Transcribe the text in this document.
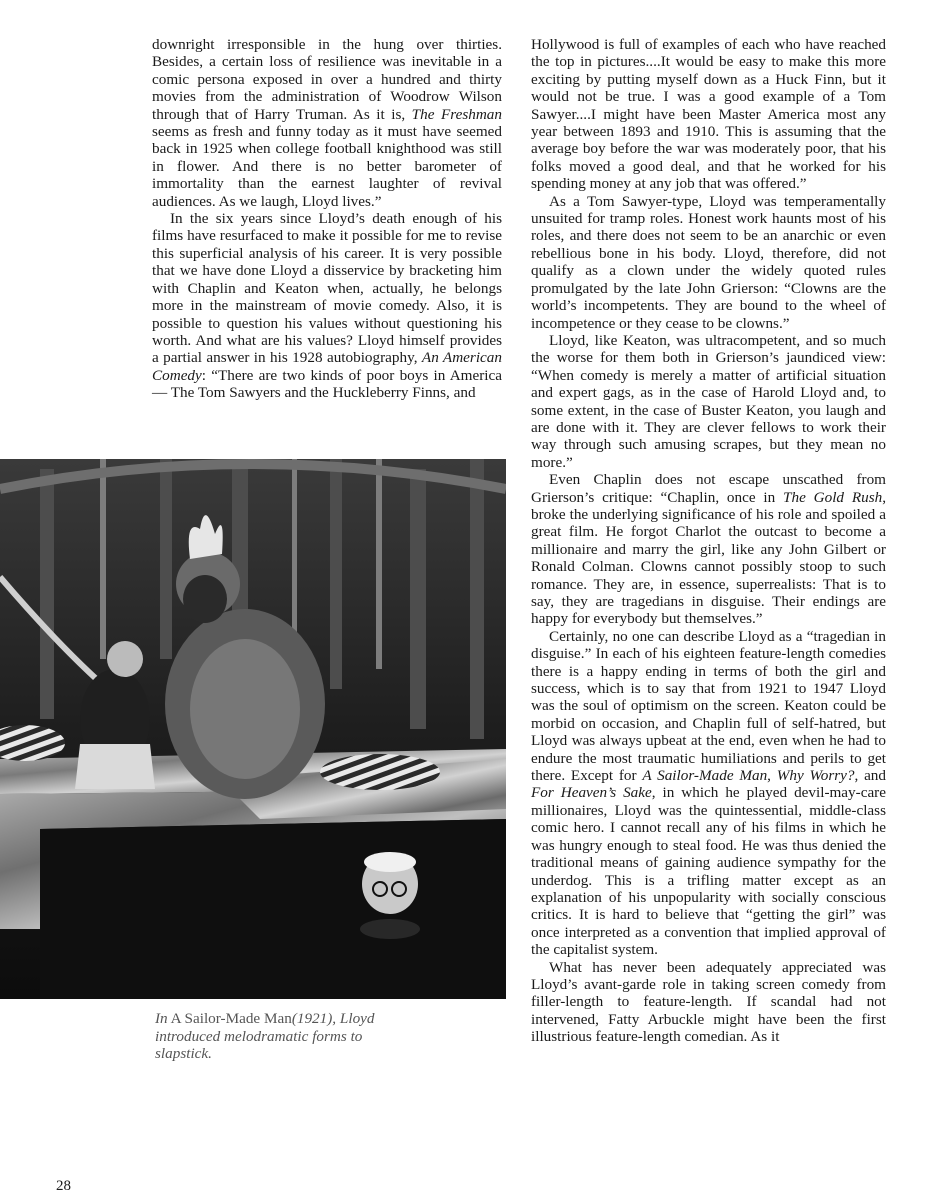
downright irresponsible in the hung over thirties. Besides, a certain loss of resilience was inevitable in a comic persona exposed in over a hundred and thirty movies from the administration of Woodrow Wilson through that of Harry Truman. As it is, The Freshman seems as fresh and funny today as it must have seemed back in 1925 when college football knighthood was still in flower. And there is no better barometer of immortality than the earnest laughter of revival audiences. As we laugh, Lloyd lives.”

In the six years since Lloyd’s death enough of his films have resurfaced to make it possible for me to revise this superficial analysis of his career. It is very possible that we have done Lloyd a disservice by bracketing him with Chaplin and Keaton when, actually, he belongs more in the mainstream of movie comedy. Also, it is possible to question his values without questioning his worth. And what are his values? Lloyd himself provides a partial answer in his 1928 autobiography, An American Comedy: “There are two kinds of poor boys in America— The Tom Sawyers and the Huckleberry Finns, and

Hollywood is full of examples of each who have reached the top in pictures....It would be easy to make this more exciting by putting myself down as a Huck Finn, but it would not be true. I was a good example of a Tom Sawyer....I might have been Master America most any year between 1893 and 1910. This is assuming that the average boy before the war was moderately poor, that his folks moved a good deal, and that he worked for his spending money at any job that was offered.”

As a Tom Sawyer-type, Lloyd was temperamentally unsuited for tramp roles. Honest work haunts most of his roles, and there does not seem to be an anarchic or even rebellious bone in his body. Lloyd, therefore, did not qualify as a clown under the widely quoted rules promulgated by the late John Grierson: “Clowns are the world’s incompetents. They are bound to the wheel of incompetence or they cease to be clowns.”

Lloyd, like Keaton, was ultracompetent, and so much the worse for them both in Grierson’s jaundiced view: “When comedy is merely a matter of artificial situation and expert gags, as in the case of Harold Lloyd and, to some extent, in the case of Buster Keaton, you laugh and are done with it. They are clever fellows to work their way through such amusing scrapes, but they mean no more.”

Even Chaplin does not escape unscathed from Grierson’s critique: “Chaplin, once in The Gold Rush, broke the underlying significance of his role and spoiled a great film. He forgot Charlot the outcast to become a millionaire and marry the girl, like any John Gilbert or Ronald Colman. Clowns cannot possibly stoop to such romance. They are, in essence, superrealists: That is to say, they are tragedians in disguise. Their endings are happy for everybody but themselves.”

Certainly, no one can describe Lloyd as a “tragedian in disguise.” In each of his eighteen feature-length comedies there is a happy ending in terms of both the girl and success, which is to say that from 1921 to 1947 Lloyd was the soul of optimism on the screen. Keaton could be morbid on occasion, and Chaplin full of self-hatred, but Lloyd was always upbeat at the end, even when he had to endure the most traumatic humiliations and perils to get there. Except for A Sailor-Made Man, Why Worry?, and For Heaven’s Sake, in which he played devil-may-care millionaires, Lloyd was the quintessential, middle-class comic hero. I cannot recall any of his films in which he was hungry enough to steal food. He was thus denied the traditional means of gaining audience sympathy for the underdog. This is a trifling matter except as an explanation of his unpopularity with socially conscious critics. It is hard to believe that “getting the girl” was once interpreted as a convention that implied approval of the capitalist system.

What has never been adequately appreciated was Lloyd’s avant-garde role in taking screen comedy from filler-length to feature-length. If scandal had not intervened, Fatty Arbuckle might have been the first illustrious feature-length comedian. As it

In A Sailor-Made Man(1921), Lloyd introduced melodramatic forms to slapstick.
28
